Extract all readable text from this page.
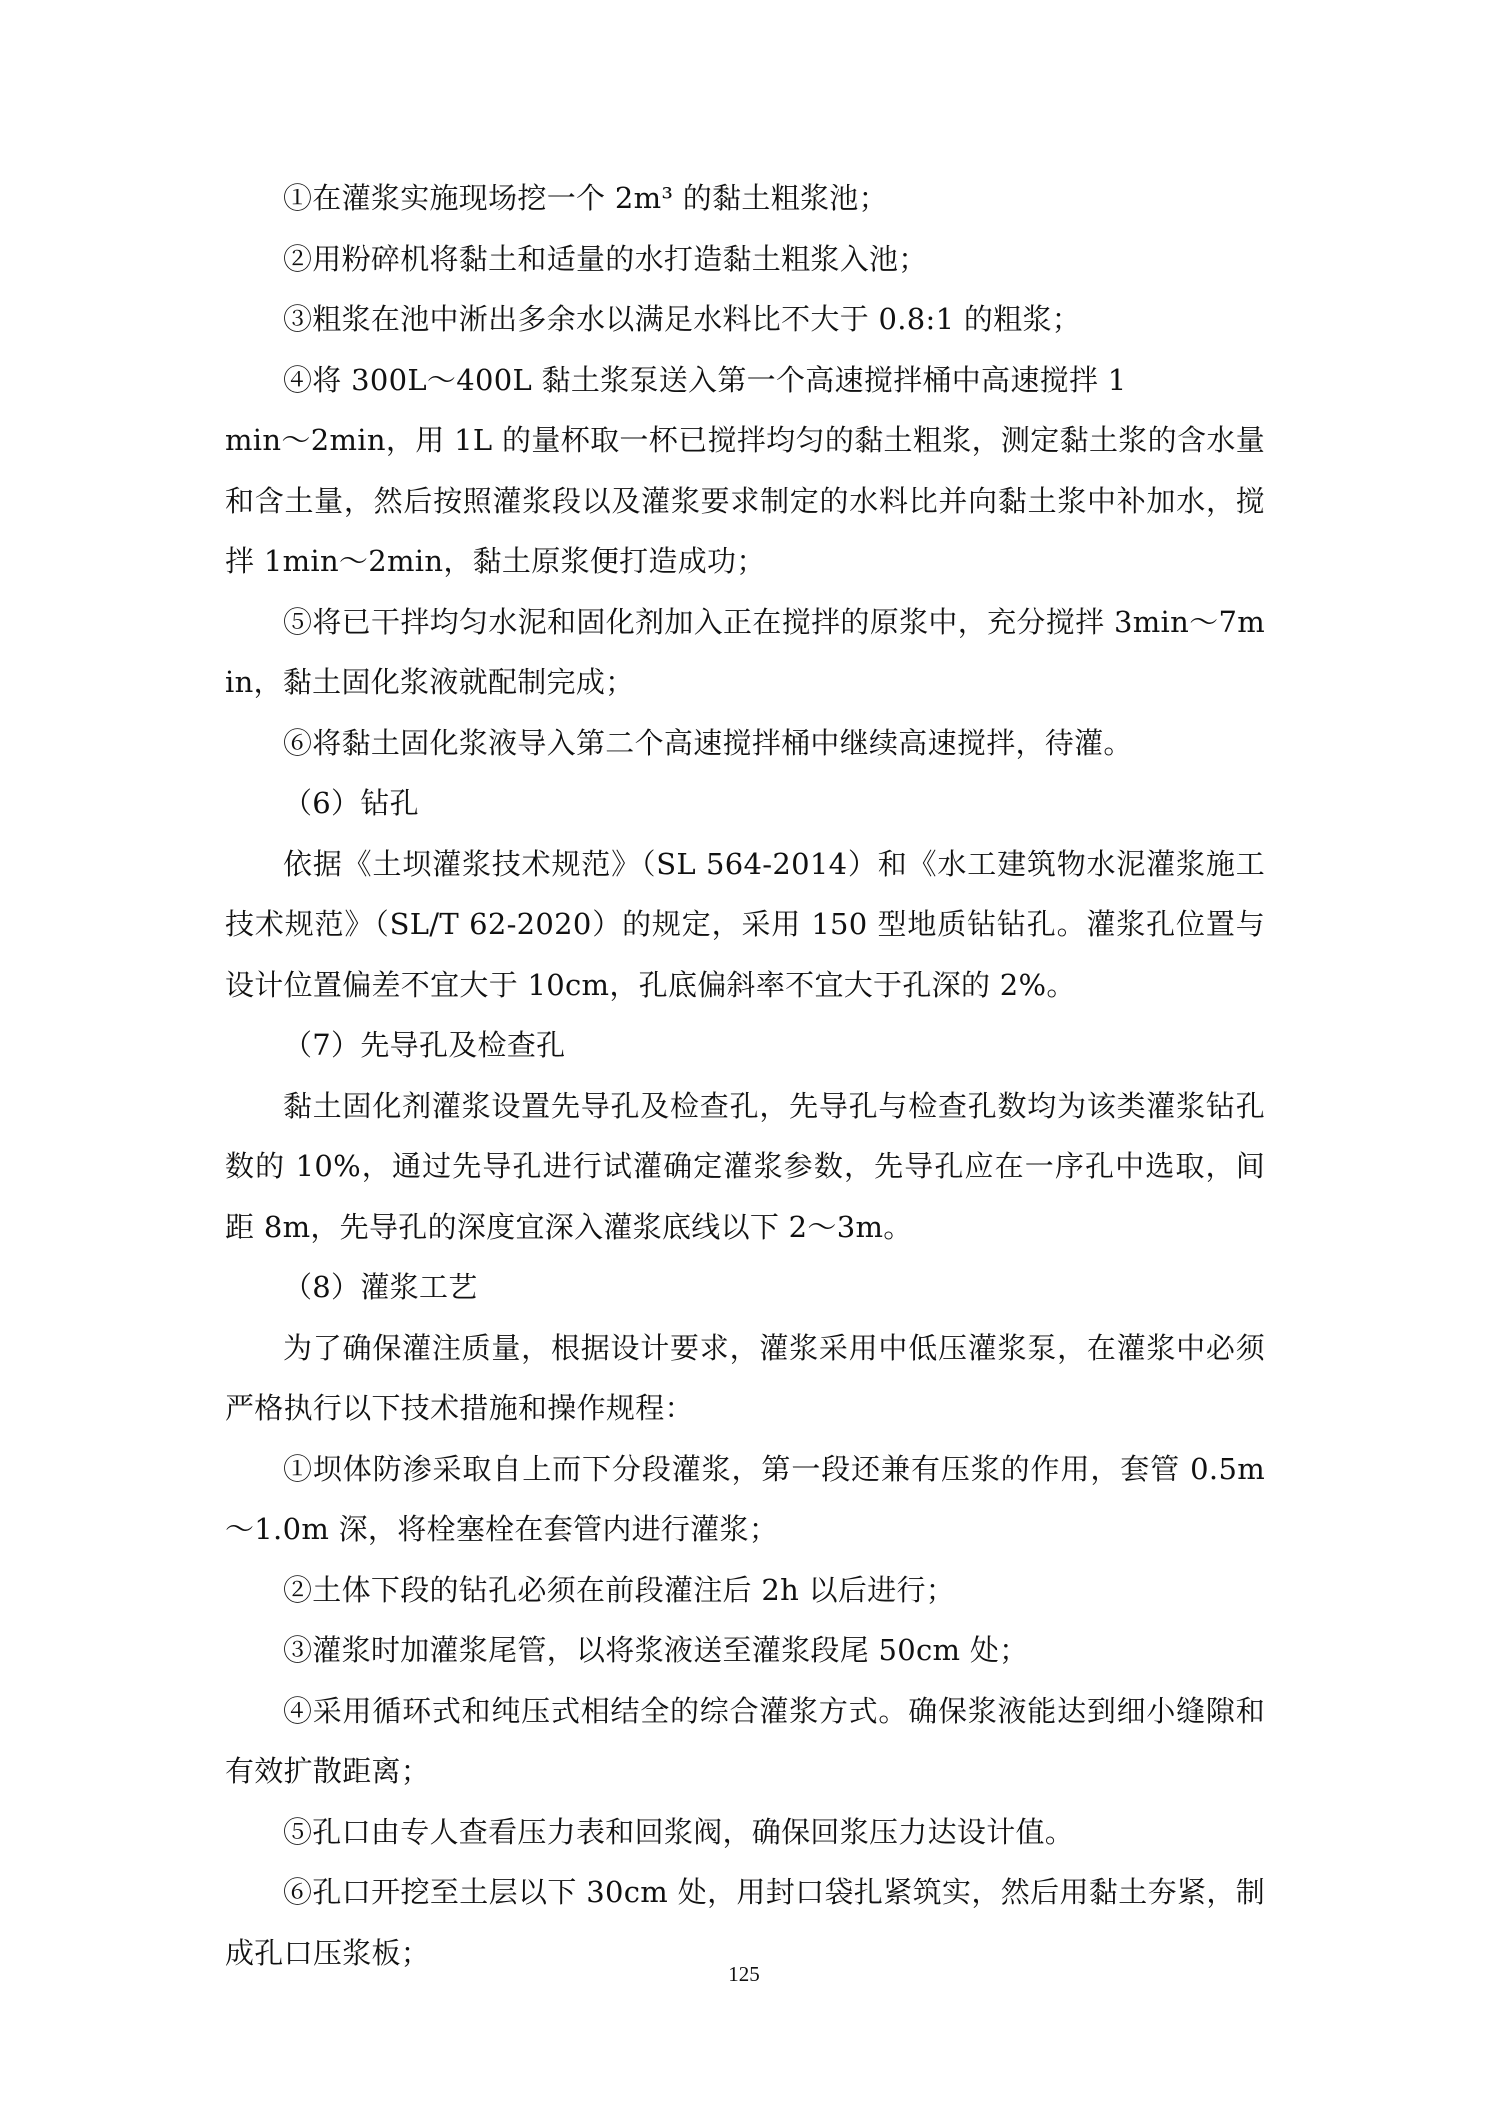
①在灌浆实施现场挖一个 2m³ 的黏土粗浆池；

②用粉碎机将黏土和适量的水打造黏土粗浆入池；

③粗浆在池中淅出多余水以满足水料比不大于 0.8:1 的粗浆；

④将 300L～400L 黏土浆泵送入第一个高速搅拌桶中高速搅拌 1

min～2min，用 1L 的量杯取一杯已搅拌均匀的黏土粗浆，测定黏土浆的含水量和含土量，然后按照灌浆段以及灌浆要求制定的水料比并向黏土浆中补加水，搅拌 1min～2min，黏土原浆便打造成功；

⑤将已干拌均匀水泥和固化剂加入正在搅拌的原浆中，充分搅拌 3min～7min，黏土固化浆液就配制完成；

⑥将黏土固化浆液导入第二个高速搅拌桶中继续高速搅拌，待灌。

（6）钻孔

依据《土坝灌浆技术规范》（SL 564-2014）和《水工建筑物水泥灌浆施工技术规范》（SL/T 62-2020）的规定，采用 150 型地质钻钻孔。灌浆孔位置与设计位置偏差不宜大于 10cm，孔底偏斜率不宜大于孔深的 2%。

（7）先导孔及检查孔

黏土固化剂灌浆设置先导孔及检查孔，先导孔与检查孔数均为该类灌浆钻孔数的 10%，通过先导孔进行试灌确定灌浆参数，先导孔应在一序孔中选取，间距 8m，先导孔的深度宜深入灌浆底线以下 2～3m。

（8）灌浆工艺

为了确保灌注质量，根据设计要求，灌浆采用中低压灌浆泵，在灌浆中必须严格执行以下技术措施和操作规程：

①坝体防渗采取自上而下分段灌浆，第一段还兼有压浆的作用，套管 0.5m～1.0m 深，将栓塞栓在套管内进行灌浆；

②土体下段的钻孔必须在前段灌注后 2h 以后进行；

③灌浆时加灌浆尾管，以将浆液送至灌浆段尾 50cm 处；

④采用循环式和纯压式相结全的综合灌浆方式。确保浆液能达到细小缝隙和有效扩散距离；

⑤孔口由专人查看压力表和回浆阀，确保回浆压力达设计值。

⑥孔口开挖至土层以下 30cm 处，用封口袋扎紧筑实，然后用黏土夯紧，制成孔口压浆板；

125
